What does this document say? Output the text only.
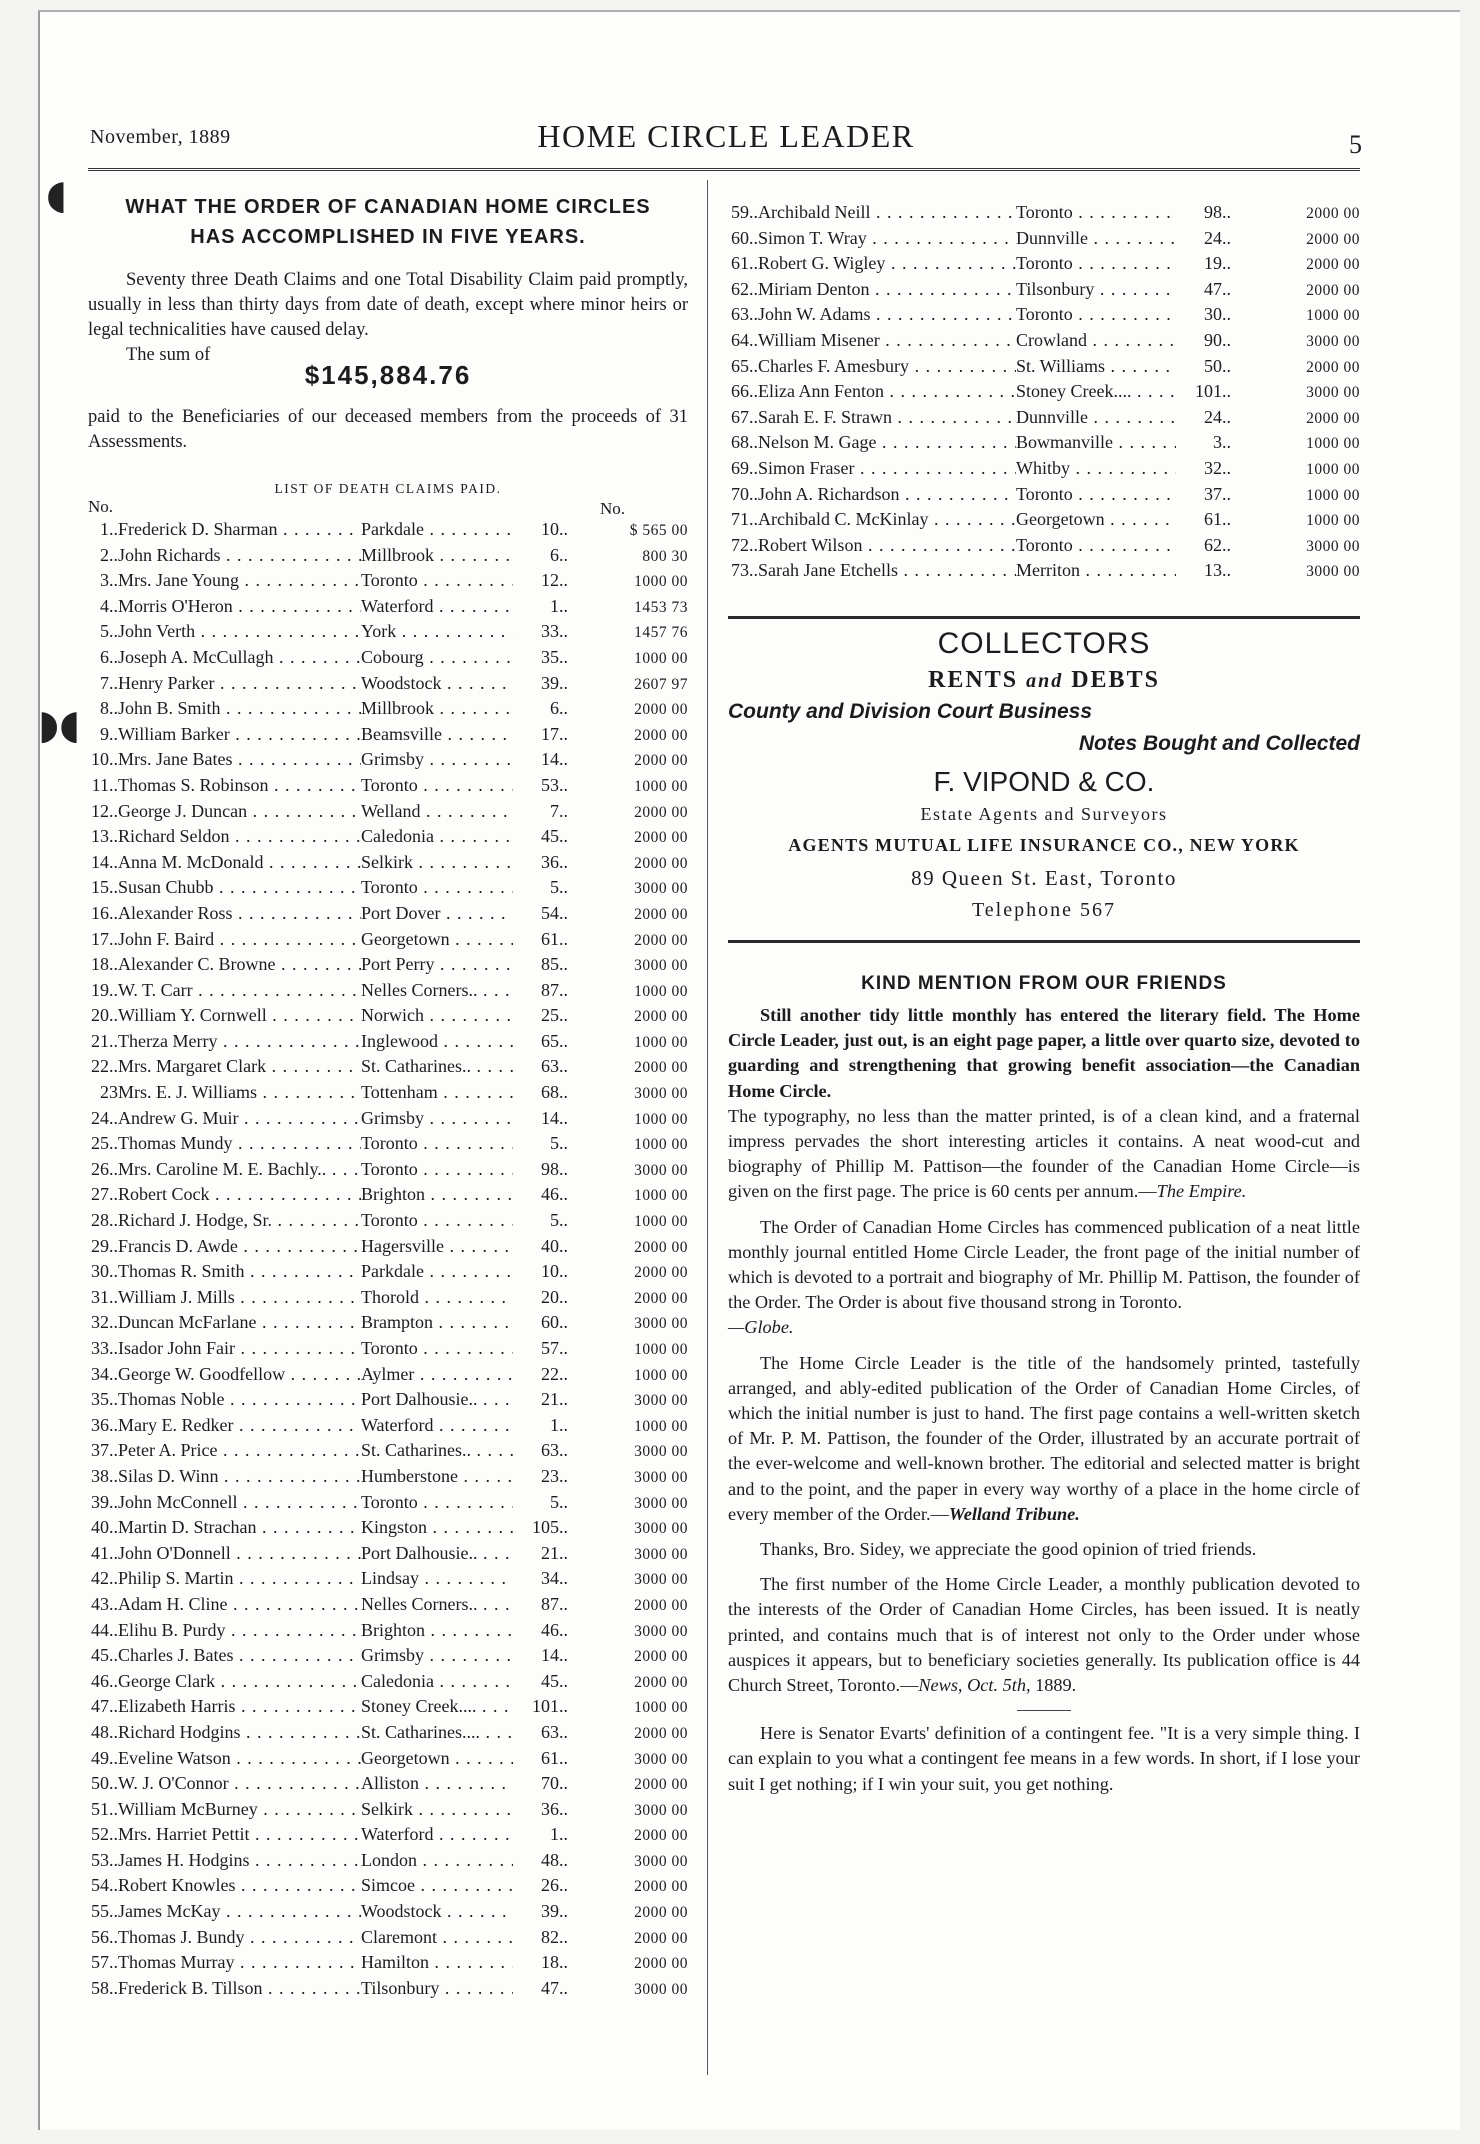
◖
◗◖
November, 1889	HOME CIRCLE LEADER	5
WHAT THE ORDER OF CANADIAN HOME CIRCLES
HAS ACCOMPLISHED IN FIVE YEARS.
Seventy three Death Claims and one Total Disability Claim paid promptly, usually in less than thirty days from date of death, except where minor heirs or legal technicalities have caused delay.
The sum of
$145,884.76
paid to the Beneficiaries of our deceased members from the proceeds of 31 Assessments.
LIST OF DEATH CLAIMS PAID.
No.	No.
1.. Frederick D. Sharman . . .	Parkdale . . .	10..	$ 565 00
2.. John Richards . . .	Millbrook . . .	6..	800 30
3.. Mrs. Jane Young . . .	Toronto . . .	12..	1000 00
4.. Morris O'Heron . . .	Waterford . . .	1..	1453 73
5.. John Verth . . .	York . . .	33..	1457 76
6.. Joseph A. McCullagh . . .	Cobourg . . .	35..	1000 00
7.. Henry Parker . . .	Woodstock . . .	39..	2607 97
8.. John B. Smith . . .	Millbrook . . .	6..	2000 00
9.. William Barker . . .	Beamsville . . .	17..	2000 00
10.. Mrs. Jane Bates . . .	Grimsby . . .	14..	2000 00
11.. Thomas S. Robinson . . .	Toronto . . .	53..	1000 00
12.. George J. Duncan . . .	Welland . . .	7..	2000 00
13.. Richard Seldon . . .	Caledonia . . .	45..	2000 00
14.. Anna M. McDonald . . .	Selkirk . . .	36..	2000 00
15.. Susan Chubb . . .	Toronto . . .	5..	3000 00
16.. Alexander Ross . . .	Port Dover . . .	54..	2000 00
17.. John F. Baird . . .	Georgetown . . .	61..	2000 00
18.. Alexander C. Browne . . .	Port Perry . . .	85..	3000 00
19.. W. T. Carr . . .	Nelles Corners.. . . .	87..	1000 00
20.. William Y. Cornwell . . .	Norwich . . .	25..	2000 00
21.. Therza Merry . . .	Inglewood . . .	65..	1000 00
22.. Mrs. Margaret Clark . . .	St. Catharines.. . . .	63..	2000 00
23 Mrs. E. J. Williams . . .	Tottenham . . .	68..	3000 00
24.. Andrew G. Muir . . .	Grimsby . . .	14..	1000 00
25.. Thomas Mundy . . .	Toronto . . .	5..	1000 00
26.. Mrs. Caroline M. E. Bachly.. . . .	Toronto . . .	98..	3000 00
27.. Robert Cock . . .	Brighton . . .	46..	1000 00
28.. Richard J. Hodge, Sr. . . .	Toronto . . .	5..	1000 00
29.. Francis D. Awde . . .	Hagersville . . .	40..	2000 00
30.. Thomas R. Smith . . .	Parkdale . . .	10..	2000 00
31.. William J. Mills . . .	Thorold . . .	20..	2000 00
32.. Duncan McFarlane . . .	Brampton . . .	60..	3000 00
33.. Isador John Fair . . .	Toronto . . .	57..	1000 00
34.. George W. Goodfellow . . .	Aylmer . . .	22..	1000 00
35.. Thomas Noble . . .	Port Dalhousie.. . . .	21..	3000 00
36.. Mary E. Redker . . .	Waterford . . .	1..	1000 00
37.. Peter A. Price . . .	St. Catharines.. . . .	63..	3000 00
38.. Silas D. Winn . . .	Humberstone . . .	23..	3000 00
39.. John McConnell . . .	Toronto . . .	5..	3000 00
40.. Martin D. Strachan . . .	Kingston . . .	105..	3000 00
41.. John O'Donnell . . .	Port Dalhousie.. . . .	21..	3000 00
42.. Philip S. Martin . . .	Lindsay . . .	34..	3000 00
43.. Adam H. Cline . . .	Nelles Corners.. . . .	87..	2000 00
44.. Elihu B. Purdy . . .	Brighton . . .	46..	3000 00
45.. Charles J. Bates . . .	Grimsby . . .	14..	2000 00
46.. George Clark . . .	Caledonia . . .	45..	2000 00
47.. Elizabeth Harris . . .	Stoney Creek.... . . .	101..	1000 00
48.. Richard Hodgins . . .	St. Catharines.... . . .	63..	2000 00
49.. Eveline Watson . . .	Georgetown . . .	61..	3000 00
50.. W. J. O'Connor . . .	Alliston . . .	70..	2000 00
51.. William McBurney . . .	Selkirk . . .	36..	3000 00
52.. Mrs. Harriet Pettit . . .	Waterford . . .	1..	2000 00
53.. James H. Hodgins . . .	London . . .	48..	3000 00
54.. Robert Knowles . . .	Simcoe . . .	26..	2000 00
55.. James McKay . . .	Woodstock . . .	39..	2000 00
56.. Thomas J. Bundy . . .	Claremont . . .	82..	2000 00
57.. Thomas Murray . . .	Hamilton . . .	18..	2000 00
58.. Frederick B. Tillson . . .	Tilsonbury . . .	47..	3000 00
59.. Archibald Neill . . .	Toronto . . .	98..	2000 00
60.. Simon T. Wray . . .	Dunnville . . .	24..	2000 00
61.. Robert G. Wigley . . .	Toronto . . .	19..	2000 00
62.. Miriam Denton . . .	Tilsonbury . . .	47..	2000 00
63.. John W. Adams . . .	Toronto . . .	30..	1000 00
64.. William Misener . . .	Crowland . . .	90..	3000 00
65.. Charles F. Amesbury . . .	St. Williams . . .	50..	2000 00
66.. Eliza Ann Fenton . . .	Stoney Creek.... . . .	101..	3000 00
67.. Sarah E. F. Strawn . . .	Dunnville . . .	24..	2000 00
68.. Nelson M. Gage . . .	Bowmanville . . .	3..	1000 00
69.. Simon Fraser . . .	Whitby . . .	32..	1000 00
70.. John A. Richardson . . .	Toronto . . .	37..	1000 00
71.. Archibald C. McKinlay . . .	Georgetown . . .	61..	1000 00
72.. Robert Wilson . . .	Toronto . . .	62..	3000 00
73.. Sarah Jane Etchells . . .	Merriton . . .	13..	3000 00
COLLECTORS
RENTS and DEBTS
County and Division Court Business
Notes Bought and Collected
F. VIPOND & CO.
Estate Agents and Surveyors
AGENTS MUTUAL LIFE INSURANCE CO., NEW YORK
89 Queen St. East, Toronto
Telephone 567
KIND MENTION FROM OUR FRIENDS
Still another tidy little monthly has entered the literary field. The Home Circle Leader, just out, is an eight page paper, a little over quarto size, devoted to guarding and strengthening that growing benefit association—the Canadian Home Circle.
The typography, no less than the matter printed, is of a clean kind, and a fraternal impress pervades the short interesting articles it contains. A neat wood-cut and biography of Phillip M. Pattison—the founder of the Canadian Home Circle—is given on the first page. The price is 60 cents per annum.—The Empire.
The Order of Canadian Home Circles has commenced publication of a neat little monthly journal entitled Home Circle Leader, the front page of the initial number of which is devoted to a portrait and biography of Mr. Phillip M. Pattison, the founder of the Order. The Order is about five thousand strong in Toronto.
—Globe.
The Home Circle Leader is the title of the handsomely printed, tastefully arranged, and ably-edited publication of the Order of Canadian Home Circles, of which the initial number is just to hand. The first page contains a well-written sketch of Mr. P. M. Pattison, the founder of the Order, illustrated by an accurate portrait of the ever-welcome and well-known brother. The editorial and selected matter is bright and to the point, and the paper in every way worthy of a place in the home circle of every member of the Order.—Welland Tribune.
Thanks, Bro. Sidey, we appreciate the good opinion of tried friends.
The first number of the Home Circle Leader, a monthly publication devoted to the interests of the Order of Canadian Home Circles, has been issued. It is neatly printed, and contains much that is of interest not only to the Order under whose auspices it appears, but to beneficiary societies generally. Its publication office is 44 Church Street, Toronto.—News, Oct. 5th, 1889.
Here is Senator Evarts' definition of a contingent fee. "It is a very simple thing. I can explain to you what a contingent fee means in a few words. In short, if I lose your suit I get nothing; if I win your suit, you get nothing.
